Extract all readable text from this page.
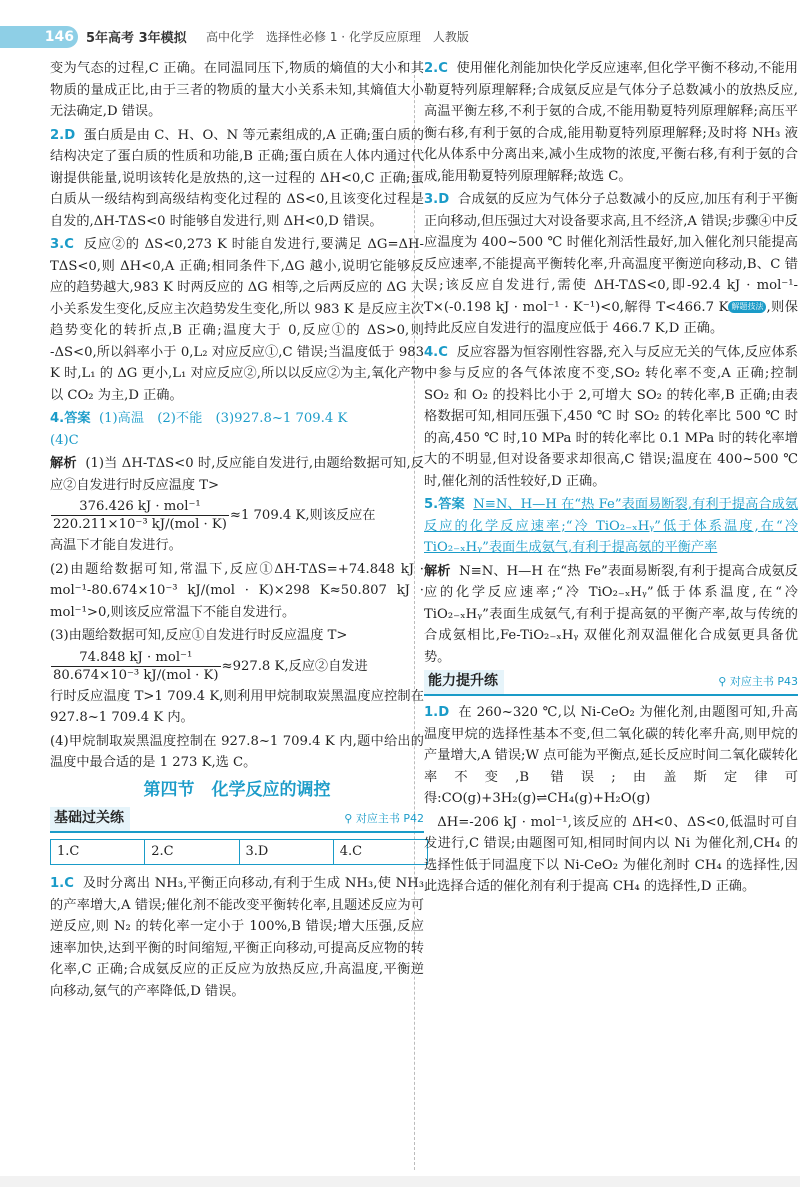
146 5年高考 3年模拟 高中化学　选择性必修 1 · 化学反应原理　人教版

变为气态的过程,C 正确。在同温同压下,物质的熵值的大小和其物质的量成正比,由于三者的物质的量大小关系未知,其熵值大小无法确定,D 错误。

2.D 蛋白质是由 C、H、O、N 等元素组成的,A 正确;蛋白质的结构决定了蛋白质的性质和功能,B 正确;蛋白质在人体内通过代谢提供能量,说明该转化是放热的,这一过程的 ΔH<0,C 正确;蛋白质从一级结构到高级结构变化过程的 ΔS<0,且该变化过程是自发的,ΔH-TΔS<0 时能够自发进行,则 ΔH<0,D 错误。

3.C 反应②的 ΔS<0,273 K 时能自发进行,要满足 ΔG=ΔH-TΔS<0,则 ΔH<0,A 正确;相同条件下,ΔG 越小,说明它能够反应的趋势越大,983 K 时两反应的 ΔG 相等,之后两反应的 ΔG 大小关系发生变化,反应主次趋势发生变化,所以 983 K 是反应主次趋势变化的转折点,B 正确;温度大于 0,反应①的 ΔS>0,则 -ΔS<0,所以斜率小于 0,L₂ 对应反应①,C 错误;当温度低于 983 K 时,L₁ 的 ΔG 更小,L₁ 对应反应②,所以以反应②为主,氧化产物以 CO₂ 为主,D 正确。

4.答案 (1)高温　(2)不能　(3)927.8~1 709.4 K
(4)C

解析 (1)当 ΔH-TΔS<0 时,反应能自发进行,由题给数据可知,反应②自发进行时反应温度 T>

$\frac{\text{376.426 kJ · mol⁻¹}}{\text{220.211×10⁻³ kJ/(mol · K)}} \approx 1$ 709.4 K,则该反应在

高温下才能自发进行。

(2)由题给数据可知,常温下,反应①ΔH-TΔS=+74.848 kJ · mol⁻¹-80.674×10⁻³ kJ/(mol · K)×298 K≈50.807 kJ · mol⁻¹>0,则该反应常温下不能自发进行。

(3)由题给数据可知,反应①自发进行时反应温度 T>

$\frac{\text{74.848 kJ · mol⁻¹}}{\text{80.674×10⁻³ kJ/(mol · K)}} \approx 927.8$ K,反应②自发进

行时反应温度 T>1 709.4 K,则利用甲烷制取炭黑温度应控制在 927.8~1 709.4 K 内。

(4)甲烷制取炭黑温度控制在 927.8~1 709.4 K 内,题中给出的温度中最合适的是 1 273 K,选 C。

第四节　化学反应的调控

基础过关练	⚲ 对应主书 P42
1.C	2.C	3.D	4.C

1.C 及时分离出 NH₃,平衡正向移动,有利于生成 NH₃,使 NH₃ 的产率增大,A 错误;催化剂不能改变平衡转化率,且题述反应为可逆反应,则 N₂ 的转化率一定小于 100%,B 错误;增大压强,反应速率加快,达到平衡的时间缩短,平衡正向移动,可提高反应物的转化率,C 正确;合成氨反应的正反应为放热反应,升高温度,平衡逆向移动,氨气的产率降低,D 错误。

2.C 使用催化剂能加快化学反应速率,但化学平衡不移动,不能用勒夏特列原理解释;合成氨反应是气体分子总数减小的放热反应,高温平衡左移,不利于氨的合成,不能用勒夏特列原理解释;高压平衡右移,有利于氨的合成,能用勒夏特列原理解释;及时将 NH₃ 液化从体系中分离出来,减小生成物的浓度,平衡右移,有利于氨的合成,能用勒夏特列原理解释;故选 C。

3.D 合成氨的反应为气体分子总数减小的反应,加压有利于平衡正向移动,但压强过大对设备要求高,且不经济,A 错误;步骤④中反应温度为 400~500 ℃ 时催化剂活性最好,加入催化剂只能提高反应速率,不能提高平衡转化率,升高温度平衡逆向移动,B、C 错误;该反应自发进行,需使 ΔH-TΔS<0,即-92.4 kJ · mol⁻¹-T×(-0.198 kJ · mol⁻¹ · K⁻¹)<0,解得 T<466.7 K 解题技法 ,则保持此反应自发进行的温度应低于 466.7 K,D 正确。

4.C 反应容器为恒容刚性容器,充入与反应无关的气体,反应体系中参与反应的各气体浓度不变,SO₂ 转化率不变,A 正确;控制 SO₂ 和 O₂ 的投料比小于 2,可增大 SO₂ 的转化率,B 正确;由表格数据可知,相同压强下,450 ℃ 时 SO₂ 的转化率比 500 ℃ 时的高,450 ℃ 时,10 MPa 时的转化率比 0.1 MPa 时的转化率增大的不明显,但对设备要求却很高,C 错误;温度在 400~500 ℃ 时,催化剂的活性较好,D 正确。

5.答案 N≡N、H—H 在“热 Fe”表面易断裂,有利于提高合成氨反应的化学反应速率;“冷 TiO₂₋ₓHᵧ”低于体系温度,在“冷 TiO₂₋ₓHᵧ”表面生成氨气,有利于提高氨的平衡产率

解析 N≡N、H—H 在“热 Fe”表面易断裂,有利于提高合成氨反应的化学反应速率;“冷 TiO₂₋ₓHᵧ”低于体系温度,在“冷 TiO₂₋ₓHᵧ”表面生成氨气,有利于提高氨的平衡产率,故与传统的合成氨相比,Fe-TiO₂₋ₓHᵧ 双催化剂双温催化合成氨更具备优势。

能力提升练	⚲ 对应主书 P43

1.D 在 260~320 ℃,以 Ni-CeO₂ 为催化剂,由题图可知,升高温度甲烷的选择性基本不变,但二氧化碳的转化率升高,则甲烷的产量增大,A 错误;W 点可能为平衡点,延长反应时间二氧化碳转化率不变,B 错误;由盖斯定律可得:CO(g)+3H₂(g)⇌CH₄(g)+H₂O(g)

ΔH=-206 kJ · mol⁻¹,该反应的 ΔH<0、ΔS<0,低温时可自发进行,C 错误;由题图可知,相同时间内以 Ni 为催化剂,CH₄ 的选择性低于同温度下以 Ni-CeO₂ 为催化剂时 CH₄ 的选择性,因此选择合适的催化剂有利于提高 CH₄ 的选择性,D 正确。
